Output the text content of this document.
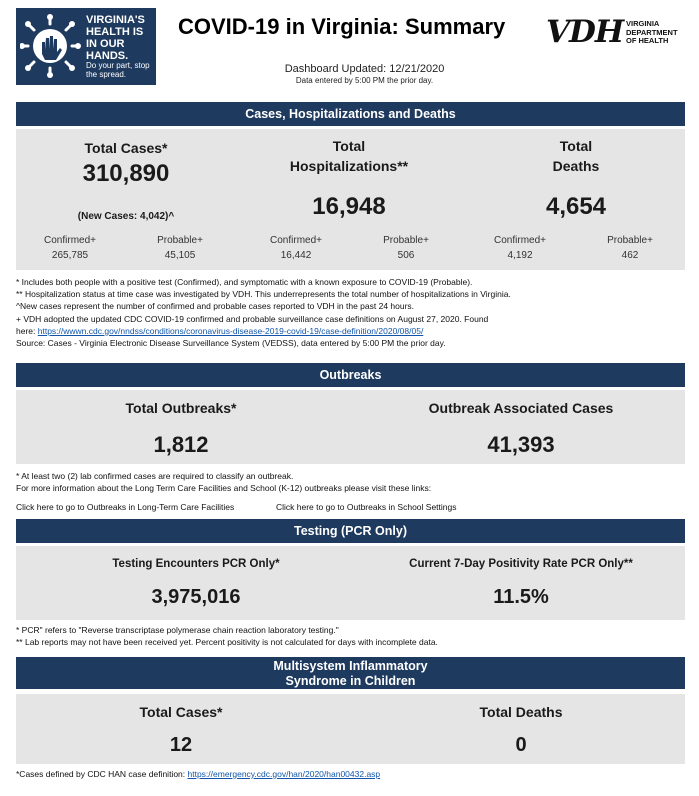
VIRGINIA'S HEALTH IS IN OUR HANDS.
Do your part, stop the spread.
COVID-19 in Virginia: Summary
Dashboard Updated: 12/21/2020
Data entered by 5:00 PM the prior day.
VDH VIRGINIA DEPARTMENT OF HEALTH
Cases, Hospitalizations and Deaths
Total Cases*
310,890
(New Cases: 4,042)^
Total
Hospitalizations**
16,948
Total
Deaths
4,654
Confirmed+
265,785
Probable+
45,105
Confirmed+
16,442
Probable+
506
Confirmed+
4,192
Probable+
462
* Includes both people with a positive test (Confirmed), and symptomatic with a known exposure to COVID-19 (Probable).
** Hospitalization status at time case was investigated by VDH. This underrepresents the total number of hospitalizations in Virginia.
^New cases represent the number of confirmed and probable cases reported to VDH in the past 24 hours.
+ VDH adopted the updated CDC COVID-19 confirmed and probable surveillance case definitions on August 27, 2020. Found
here: https://wwwn.cdc.gov/nndss/conditions/coronavirus-disease-2019-covid-19/case-definition/2020/08/05/
Source: Cases - Virginia Electronic Disease Surveillance System (VEDSS), data entered by 5:00 PM the prior day.
Outbreaks
Total Outbreaks*
1,812
Outbreak Associated Cases
41,393
* At least two (2) lab confirmed cases are required to classify an outbreak.
For more information about the Long Term Care Facilities and School (K-12) outbreaks please visit these links:
Click here to go to Outbreaks in Long-Term Care Facilities	Click here to go to Outbreaks in School Settings
Testing (PCR Only)
Testing Encounters PCR Only*
3,975,016
Current 7-Day Positivity Rate PCR Only**
11.5%
* PCR" refers to "Reverse transcriptase polymerase chain reaction laboratory testing."
** Lab reports may not have been received yet. Percent positivity is not calculated for days with incomplete data.
Multisystem Inflammatory
Syndrome in Children
Total Cases*
12
Total Deaths
0
*Cases defined by CDC HAN case definition: https://emergency.cdc.gov/han/2020/han00432.asp
